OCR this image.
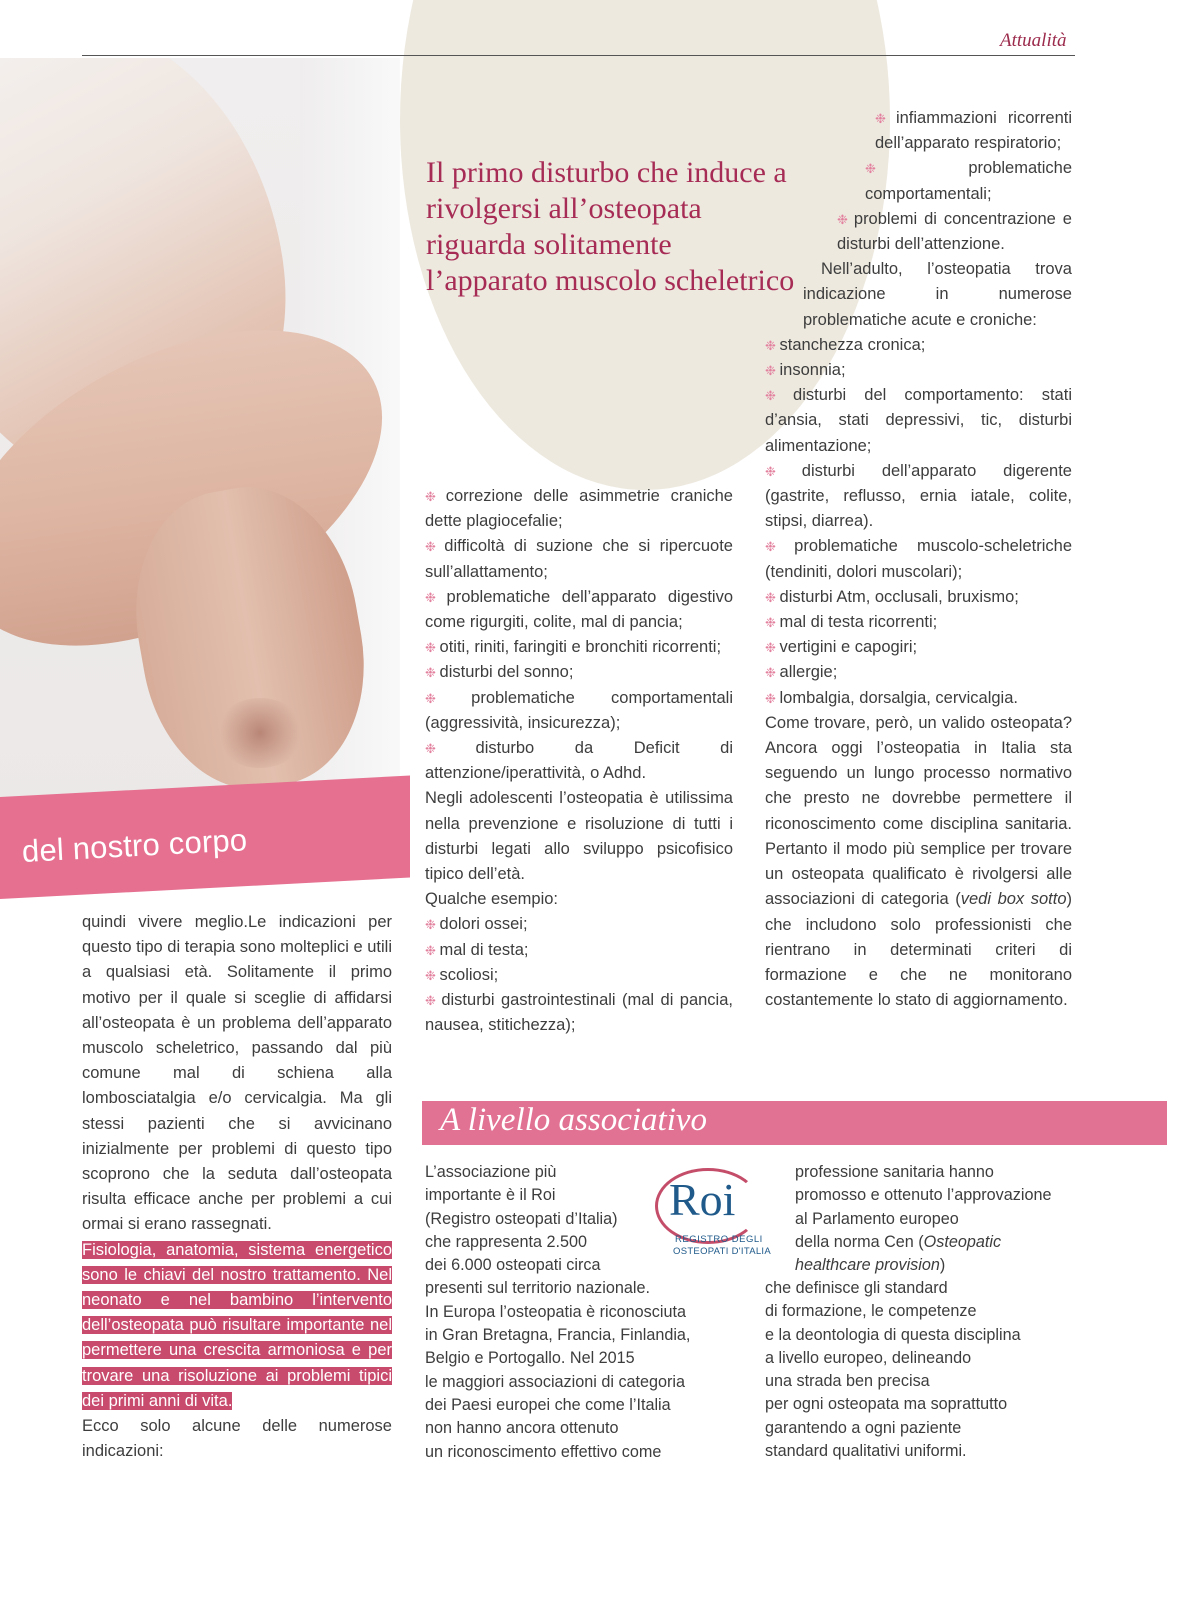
del nostro corpo
Attualità
Il primo disturbo che induce a rivolgersi all’osteopata riguarda solitamente l’apparato muscolo scheletrico

quindi vivere meglio.Le indicazioni per questo tipo di terapia sono molteplici e utili a qualsiasi età. Solitamente il primo motivo per il quale si sceglie di affidarsi all’osteopata è un problema dell’apparato muscolo scheletrico, passando dal più comune mal di schiena alla lombosciatalgia e/o cervicalgia. Ma gli stessi pazienti che si avvicinano inizialmente per problemi di questo tipo scoprono che la seduta dall’osteopata risulta efficace anche per problemi a cui ormai si erano rassegnati.

Fisiologia, anatomia, sistema energetico sono le chiavi del nostro trattamento. Nel neonato e nel bambino l’intervento dell’osteopata può risultare importante nel permettere una crescita armoniosa e per trovare una risoluzione ai problemi tipici dei primi anni di vita.

Ecco solo alcune delle numerose indicazioni:

❉ correzione delle asimmetrie craniche dette plagiocefalie;

❉ difficoltà di suzione che si ripercuote sull’allattamento;

❉ problematiche dell’apparato digestivo come rigurgiti, colite, mal di pancia;

❉ otiti, riniti, faringiti e bronchiti ricorrenti;

❉ disturbi del sonno;

❉ problematiche comportamentali (aggressività, insicurezza);

❉ disturbo da Deficit di attenzione/iperattività, o Adhd.

Negli adolescenti l’osteopatia è utilissima nella prevenzione e risoluzione di tutti i disturbi legati allo sviluppo psicofisico tipico dell’età.

Qualche esempio:

❉ dolori ossei;

❉ mal di testa;

❉ scoliosi;

❉ disturbi gastrointestinali (mal di pancia, nausea, stitichezza);

❉ infiammazioni ricorrenti dell’apparato respiratorio;

❉ problematiche comportamentali;

❉ problemi di concentrazione e disturbi dell’attenzione.

Nell’adulto, l’osteopatia trova indicazione in numerose problematiche acute e croniche:

❉ stanchezza cronica;

❉ insonnia;

❉ disturbi del comportamento: stati d’ansia, stati depressivi, tic, disturbi alimentazione;

❉ disturbi dell’apparato digerente (gastrite, reflusso, ernia iatale, colite, stipsi, diarrea).

❉ problematiche muscolo-scheletriche (tendiniti, dolori muscolari);

❉ disturbi Atm, occlusali, bruxismo;

❉ mal di testa ricorrenti;

❉ vertigini e capogiri;

❉ allergie;

❉ lombalgia, dorsalgia, cervicalgia.

Come trovare, però, un valido osteopata? Ancora oggi l’osteopatia in Italia sta seguendo un lungo processo normativo che presto ne dovrebbe permettere il riconoscimento come disciplina sanitaria. Pertanto il modo più semplice per trovare un osteopata qualificato è rivolgersi alle associazioni di categoria (vedi box sotto) che includono solo professionisti che rientrano in determinati criteri di formazione e che ne monitorano costantemente lo stato di aggiornamento.

A livello associativo
L’associazione più
importante è il Roi
(Registro osteopati d’Italia)
che rappresenta 2.500
dei 6.000 osteopati circa
presenti sul territorio nazionale.
In Europa l’osteopatia è riconosciuta
in Gran Bretagna, Francia, Finlandia,
Belgio e Portogallo. Nel 2015
le maggiori associazioni di categoria
dei Paesi europei che come l’Italia
non hanno ancora ottenuto
un riconoscimento effettivo come
Roi
REGISTRO DEGLI
OSTEOPATI D'ITALIA
professione sanitaria hanno
promosso e ottenuto l’approvazione
al Parlamento europeo
della norma Cen (Osteopatic
healthcare provision)
che definisce gli standard
di formazione, le competenze
e la deontologia di questa disciplina
a livello europeo, delineando
una strada ben precisa
per ogni osteopata ma soprattutto
garantendo a ogni paziente
standard qualitativi uniformi.
